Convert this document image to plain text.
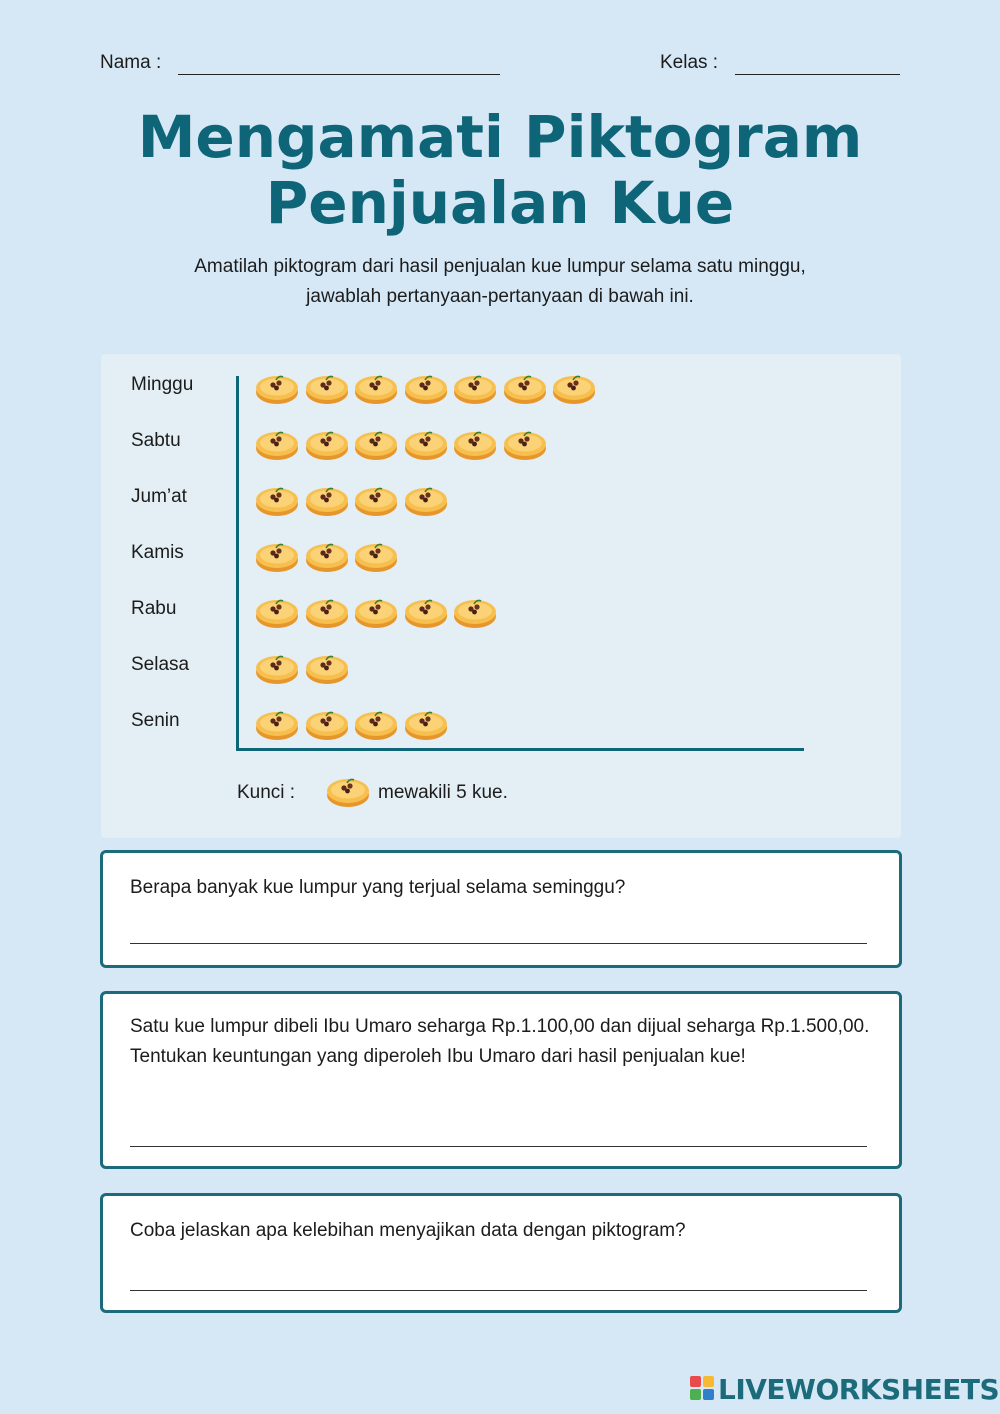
Nama :	Kelas :
Mengamati Piktogram
Penjualan Kue
Amatilah piktogram dari hasil penjualan kue lumpur selama satu minggu,
jawablah pertanyaan-pertanyaan di bawah ini.
Minggu
Sabtu
Jum’at
Kamis
Rabu
Selasa
Senin
Kunci :	mewakili 5 kue.
Berapa banyak kue lumpur yang terjual selama seminggu?
Satu kue lumpur dibeli Ibu Umaro seharga Rp.1.100,00 dan dijual seharga Rp.1.500,00. Tentukan keuntungan yang diperoleh Ibu Umaro dari hasil penjualan kue!
Coba jelaskan apa kelebihan menyajikan data dengan piktogram?
LIVEWORKSHEETS
